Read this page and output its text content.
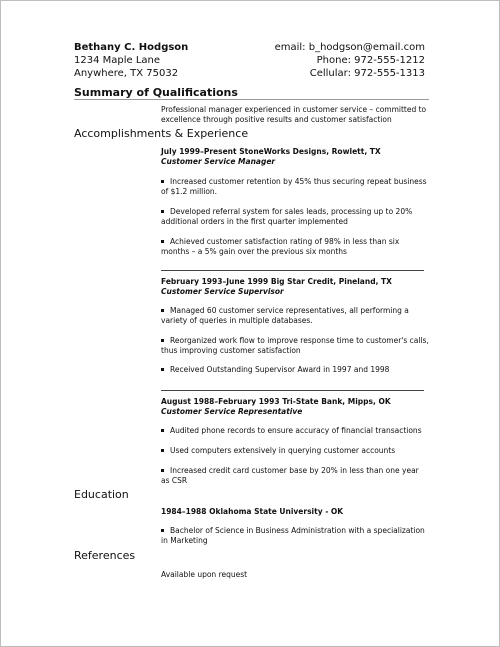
Bethany C. Hodgson
1234 Maple Lane
Anywhere, TX 75032
email: b_hodgson@email.com
Phone: 972-555-1212
Cellular: 972-555-1313
Summary of Qualifications
Professional manager experienced in customer service – committed to excellence through positive results and customer satisfaction
Accomplishments & Experience
July 1999–Present StoneWorks Designs, Rowlett, TX
Customer Service Manager
Increased customer retention by 45% thus securing repeat business of $1.2 million.
Developed referral system for sales leads, processing up to 20% additional orders in the first quarter implemented
Achieved customer satisfaction rating of 98% in less than six months – a 5% gain over the previous six months
February 1993–June 1999 Big Star Credit, Pineland, TX
Customer Service Supervisor
Managed 60 customer service representatives, all performing a variety of queries in multiple databases.
Reorganized work flow to improve response time to customer's calls, thus improving customer satisfaction
Received Outstanding Supervisor Award in 1997 and 1998
August 1988–February 1993 Tri-State Bank, Mipps, OK
Customer Service Representative
Audited phone records to ensure accuracy of financial transactions
Used computers extensively in querying customer accounts
Increased credit card customer base by 20% in less than one year as CSR
Education
1984–1988 Oklahoma State University - OK
Bachelor of Science in Business Administration with a specialization in Marketing
References
Available upon request
